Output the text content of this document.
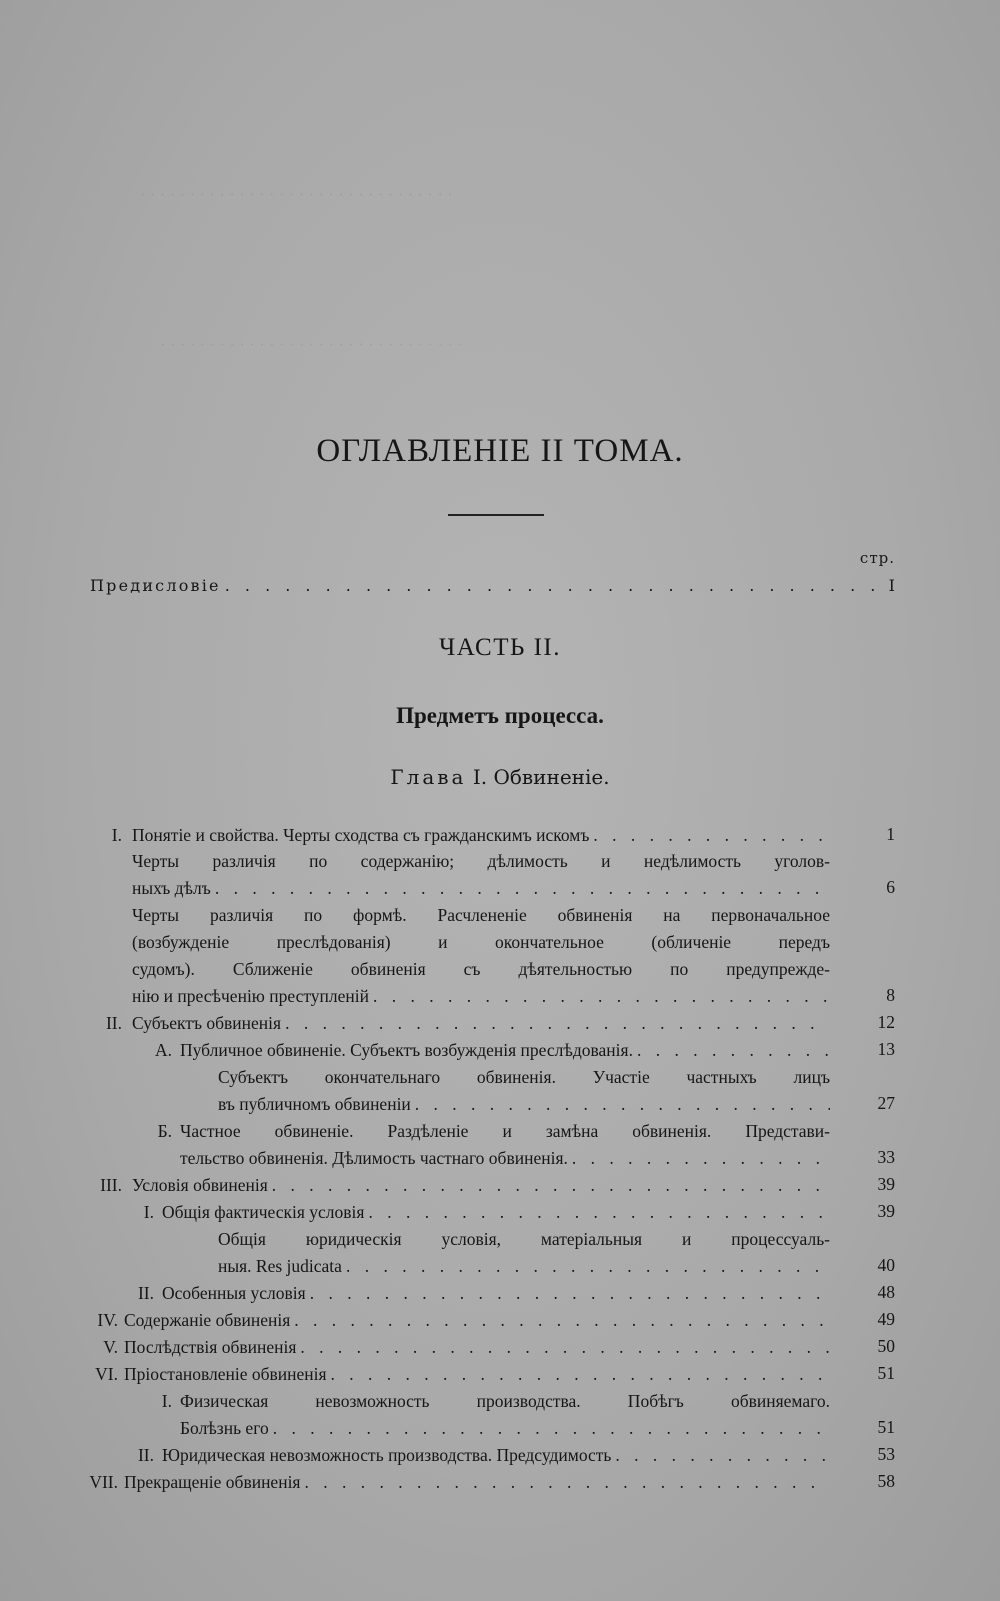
· · · · · · · · · · · · · · · · · · · · · · · · · · · · · · · ·
· · · · · · · · · · · · · · · · · · · · · · · · · · · · · · ·
ОГЛАВЛЕНІЕ II ТОМА.
стр.
Предисловіе
. . .	I
ЧАСТЬ II.
Предметъ процесса.
Глава I. Обвиненіе.
I. Понятіе и свойства. Черты сходства съ гражданскимъ искомъ
. . .
Черты различія по содержанію; дѣлимость и недѣлимость уголов-
ныхъ дѣлъ
. . .
Черты различія по формѣ. Расчлененіе обвиненія на первоначальное
(возбужденіе преслѣдованія) и окончательное (обличеніе передъ
судомъ). Сближеніе обвиненія съ дѣятельностью по предупрежде-
нію и пресѣченію преступленій
. . .
II. Субъектъ обвиненія
. . .
А. Публичное обвиненіе. Субъектъ возбужденія преслѣдованія.
. . .
Субъектъ окончательнаго обвиненія. Участіе частныхъ лицъ
въ публичномъ обвиненіи
. . .
Б. Частное обвиненіе. Раздѣленіе и замѣна обвиненія. Представи-
тельство обвиненія. Дѣлимость частнаго обвиненія.
. . .
III. Условія обвиненія
. . .
I. Общія фактическія условія
. . .
Общія юридическія условія, матеріальныя и процессуаль-
ныя. Res judicata
. . .
II. Особенныя условія
. . .
IV. Содержаніе обвиненія
. . .
V. Послѣдствія обвиненія
. . .
VI. Пріостановленіе обвиненія
. . .
I. Физическая невозможность производства. Побѣгъ обвиняемаго.
Болѣзнь его
. . .
II. Юридическая невозможность производства. Предсудимость
. . .
VII. Прекращеніе обвиненія
. . .
1
6
8
12
13
27
33
39
39
40
48
49
50
51
51
53
58
